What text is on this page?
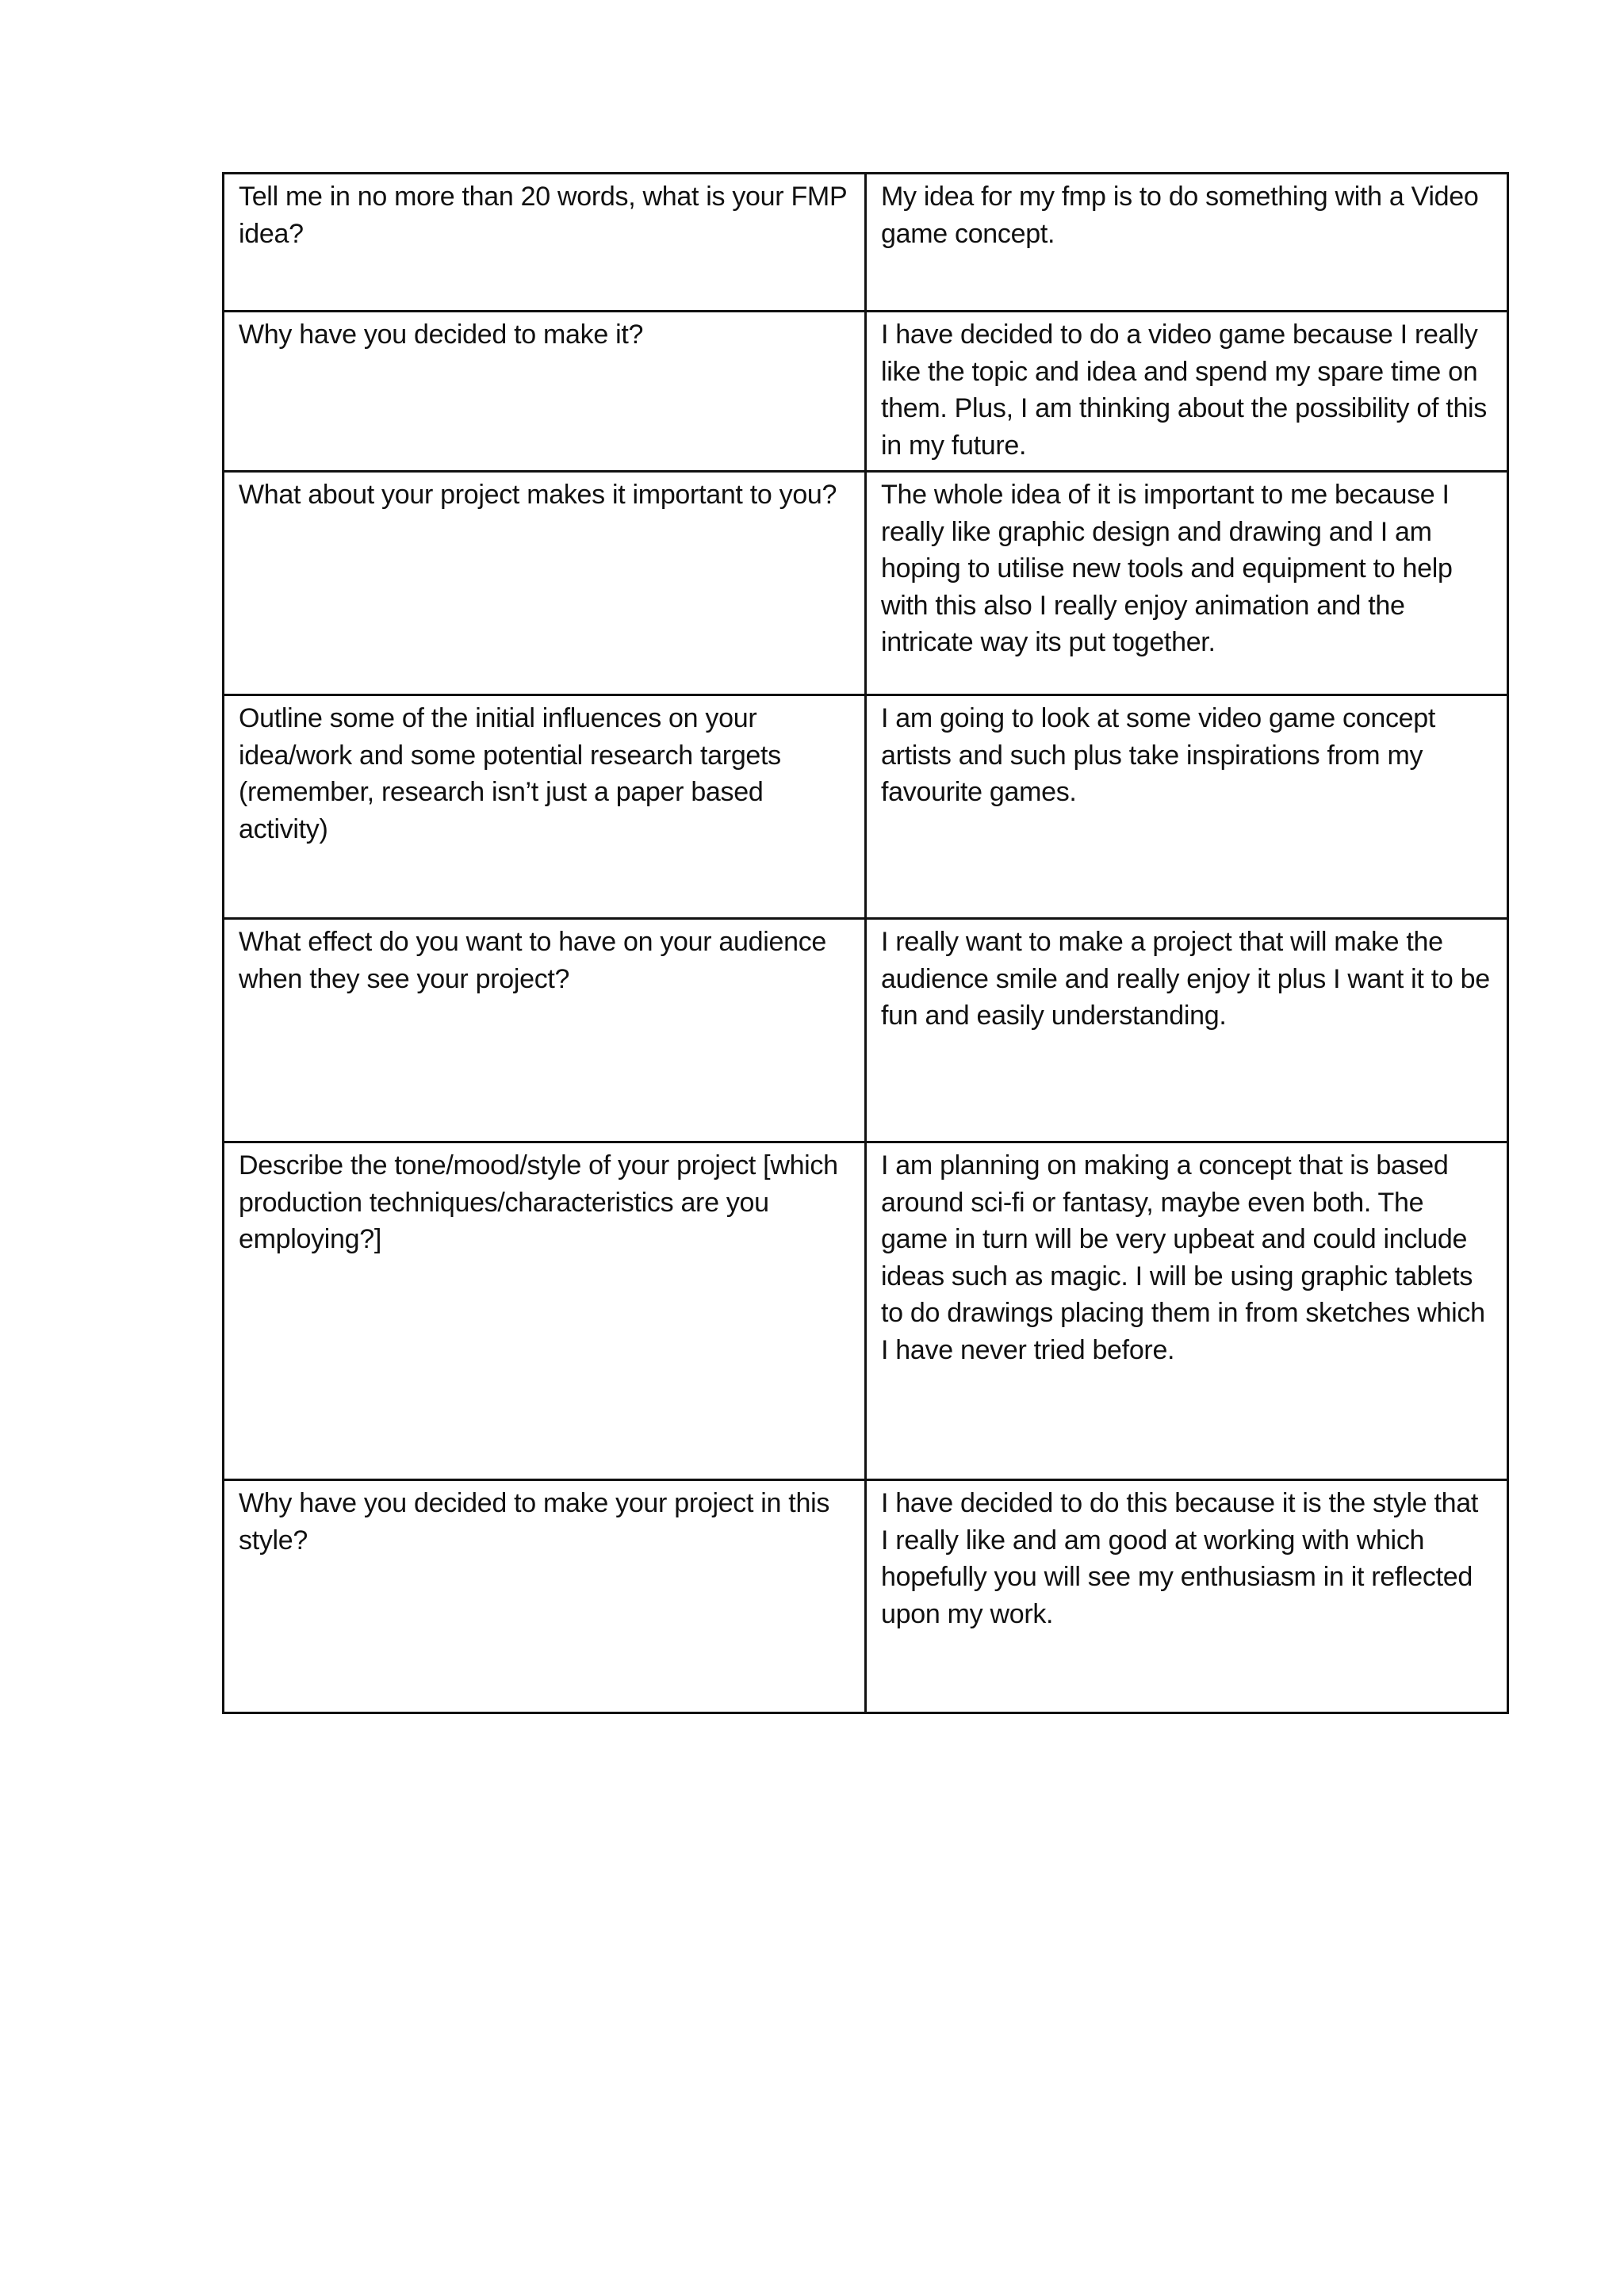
Tell me in no more than 20 words, what is your FMP idea?	My idea for my fmp is to do something with a Video game concept.

Why have you decided to make it?	I have decided to do a video game because I really like the topic and idea and spend my spare time on them. Plus, I am thinking about the possibility of this in my future.

What about your project makes it important to you?	The whole idea of it is important to me because I really like graphic design and drawing and I am hoping to utilise new tools and equipment to help with this also I really enjoy animation and the intricate way its put together.

Outline some of the initial influences on your idea/work and some potential research targets (remember, research isn’t just a paper based activity)	I am going to look at some video game concept artists and such plus take inspirations from my favourite games.

What effect do you want to have on your audience when they see your project?	I really want to make a project that will make the audience smile and really enjoy it plus I want it to be fun and easily understanding.

Describe the tone/mood/style of your project [which production techniques/characteristics are you employing?]	I am planning on making a concept that is based around sci-fi or fantasy, maybe even both. The game in turn will be very upbeat and could include ideas such as magic. I will be using graphic tablets to do drawings placing them in from sketches which I have never tried before.

Why have you decided to make your project in this style?	I have decided to do this because it is the style that I really like and am good at working with which hopefully you will see my enthusiasm in it reflected upon my work.
